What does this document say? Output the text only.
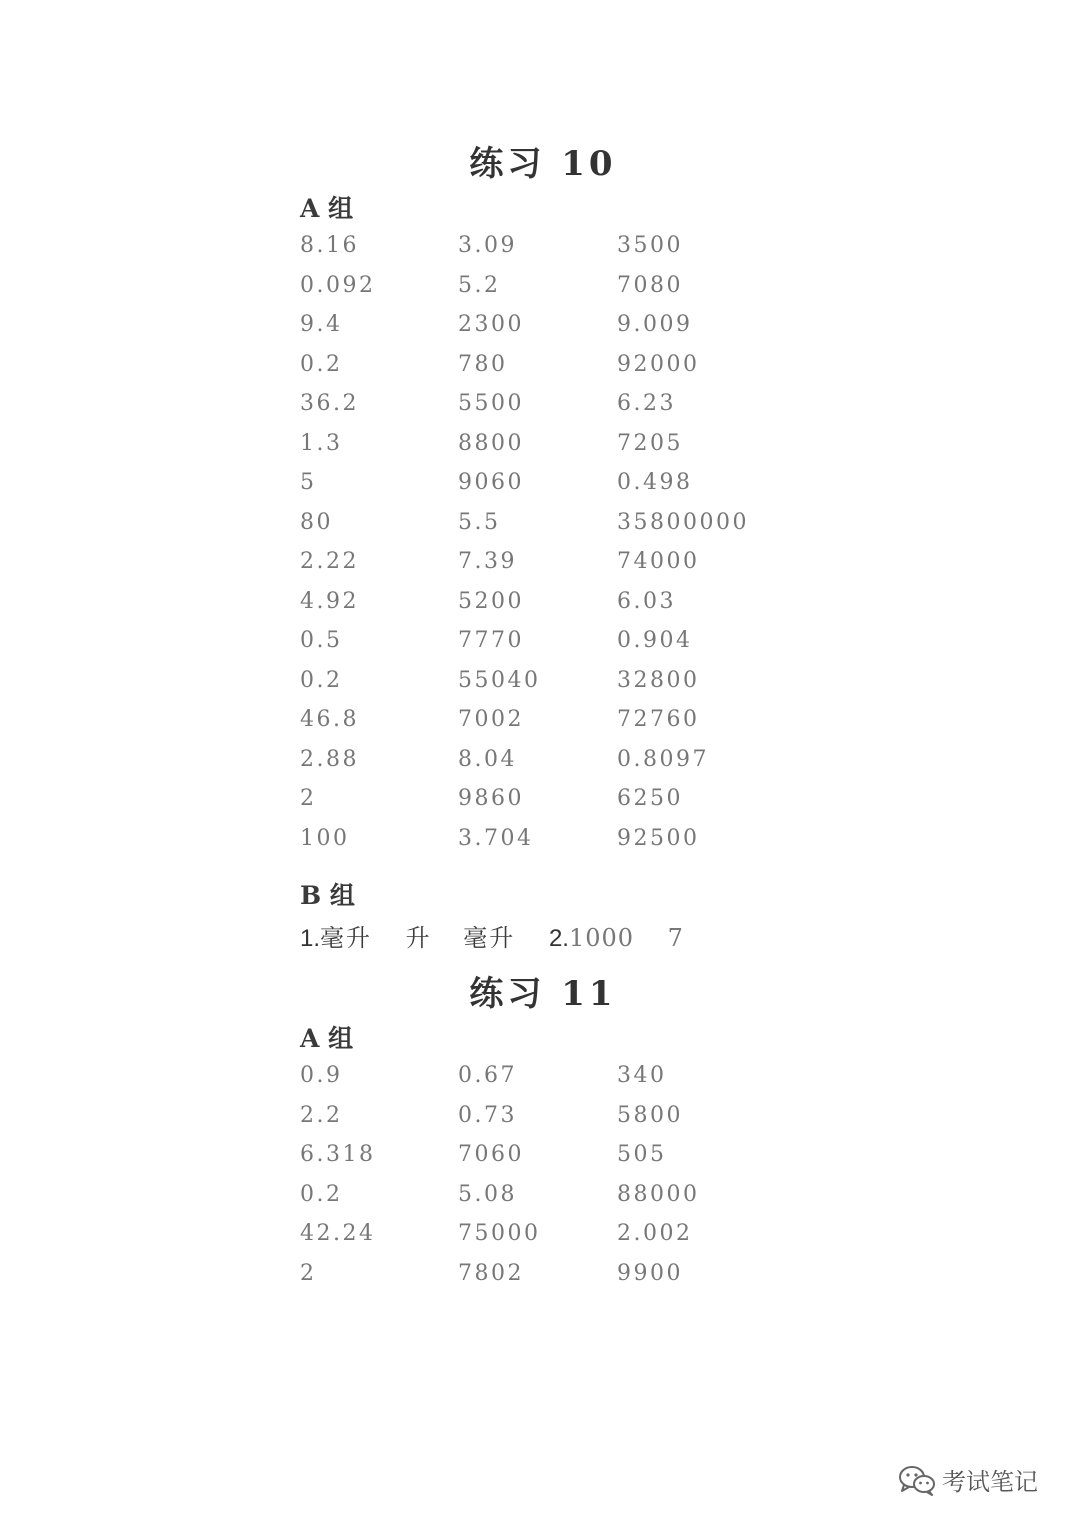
练习 10
A 组
8.16	3.09	3500
0.092	5.2	7080
9.4	2300	9.009
0.2	780	92000
36.2	5500	6.23
1.3	8800	7205
5	9060	0.498
80	5.5	35800000
2.22	7.39	74000
4.92	5200	6.03
0.5	7770	0.904
0.2	55040	32800
46.8	7002	72760
2.88	8.04	0.8097
2	9860	6250
100	3.704	92500
B 组
1.毫升 升 毫升 2.1000 7
练习 11
A 组
0.9	0.67	340
2.2	0.73	5800
6.318	7060	505
0.2	5.08	88000
42.24	75000	2.002
2	7802	9900
考试笔记
